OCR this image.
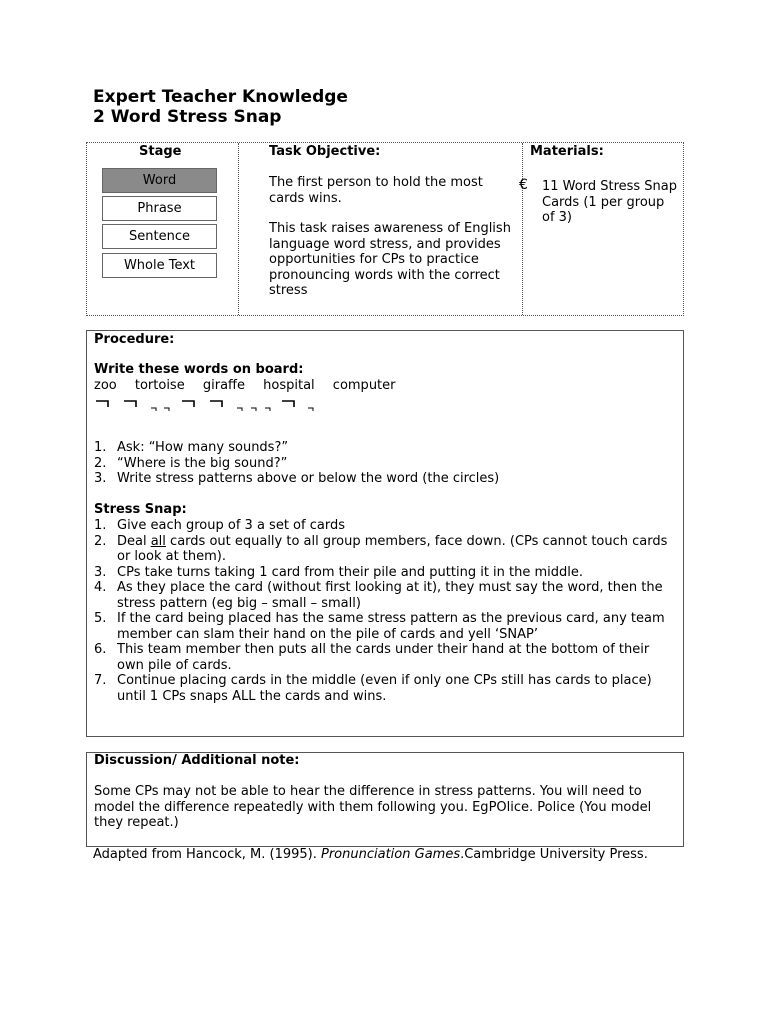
Expert Teacher Knowledge
2 Word Stress Snap
Stage
Word
Phrase
Sentence
Whole Text
Task Objective:

The first person to hold the most cards wins.

This task raises awareness of English language word stress, and provides opportunities for CPs to practice pronouncing words with the correct stress

Materials:
€ 11 Word Stress Snap Cards (1 per group of 3)

Procedure:
Write these words on board:
zoo tortoise giraffe hospital computer
1. Ask: “How many sounds?”
2. “Where is the big sound?”
3. Write stress patterns above or below the word (the circles)
Stress Snap:
1. Give each group of 3 a set of cards
2. Deal all cards out equally to all group members, face down. (CPs cannot touch cards or look at them).
3. CPs take turns taking 1 card from their pile and putting it in the middle.
4. As they place the card (without first looking at it), they must say the word, then the stress pattern (eg big – small – small)
5. If the card being placed has the same stress pattern as the previous card, any team member can slam their hand on the pile of cards and yell ‘SNAP’
6. This team member then puts all the cards under their hand at the bottom of their own pile of cards.
7. Continue placing cards in the middle (even if only one CPs still has cards to place) until 1 CPs snaps ALL the cards and wins.
Discussion/ Additional note:

Some CPs may not be able to hear the difference in stress patterns. You will need to model the difference repeatedly with them following you. EgPOlice. Police (You model they repeat.)

Adapted from Hancock, M. (1995). Pronunciation Games.Cambridge University Press.
